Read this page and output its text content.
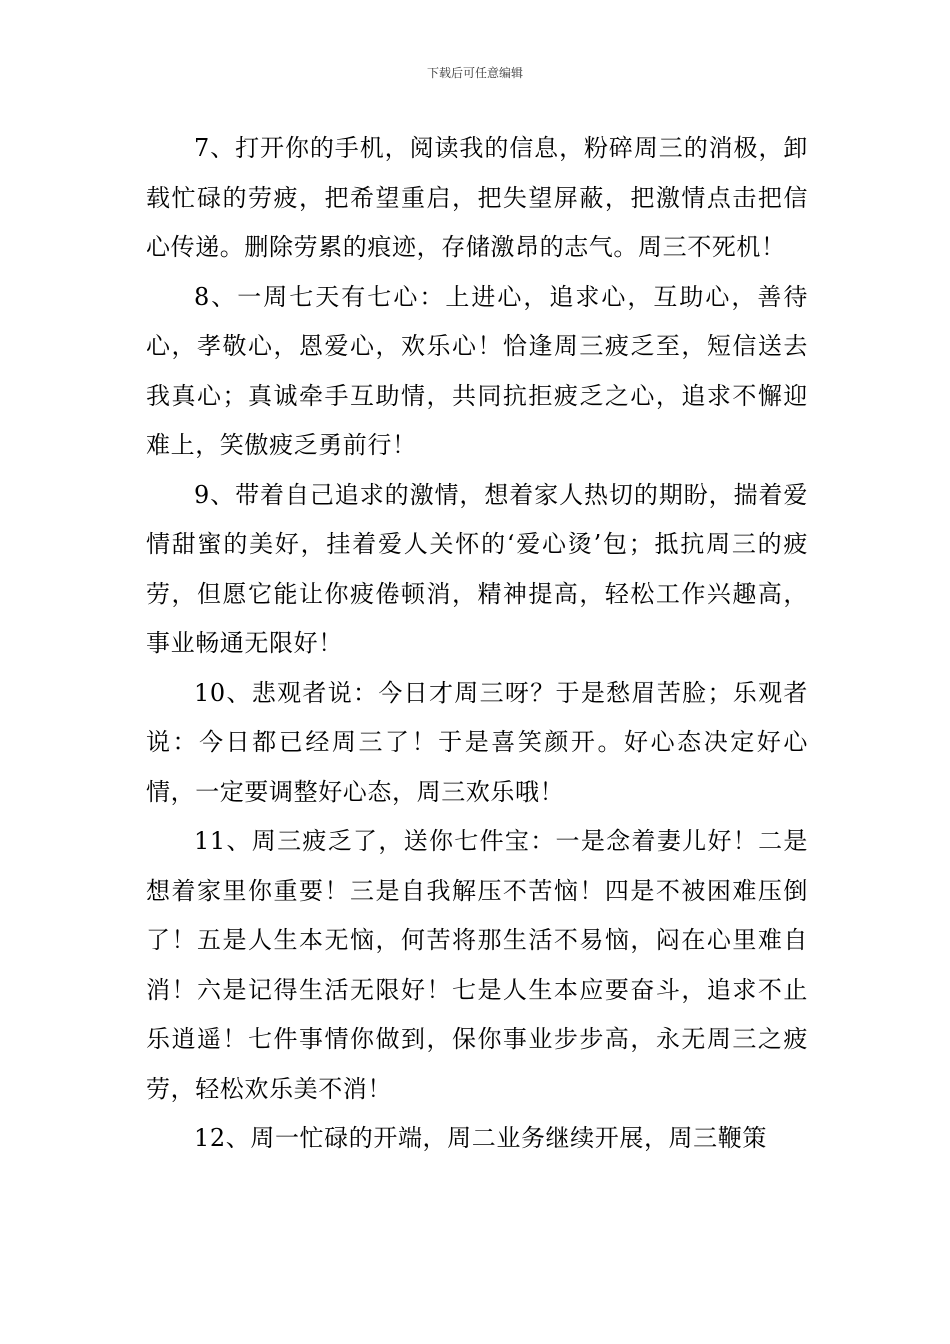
下载后可任意编辑

7、打开你的手机，阅读我的信息，粉碎周三的消极，卸载忙碌的劳疲，把希望重启，把失望屏蔽，把激情点击把信心传递。删除劳累的痕迹，存储激昂的志气。周三不死机！

8、一周七天有七心：上进心，追求心，互助心，善待心，孝敬心，恩爱心，欢乐心！恰逢周三疲乏至，短信送去我真心；真诚牵手互助情，共同抗拒疲乏之心，追求不懈迎难上，笑傲疲乏勇前行！

9、带着自己追求的激情，想着家人热切的期盼，揣着爱情甜蜜的美好，挂着爱人关怀的‘爱心烫’包；抵抗周三的疲劳，但愿它能让你疲倦顿消，精神提高，轻松工作兴趣高，事业畅通无限好！

10、悲观者说：今日才周三呀？于是愁眉苦脸；乐观者说：今日都已经周三了！于是喜笑颜开。好心态决定好心情，一定要调整好心态，周三欢乐哦！

11、周三疲乏了，送你七件宝：一是念着妻儿好！二是想着家里你重要！三是自我解压不苦恼！四是不被困难压倒了！五是人生本无恼，何苦将那生活不易恼，闷在心里难自消！六是记得生活无限好！七是人生本应要奋斗，追求不止乐逍遥！七件事情你做到，保你事业步步高，永无周三之疲劳，轻松欢乐美不消！

12、周一忙碌的开端，周二业务继续开展，周三鞭策
